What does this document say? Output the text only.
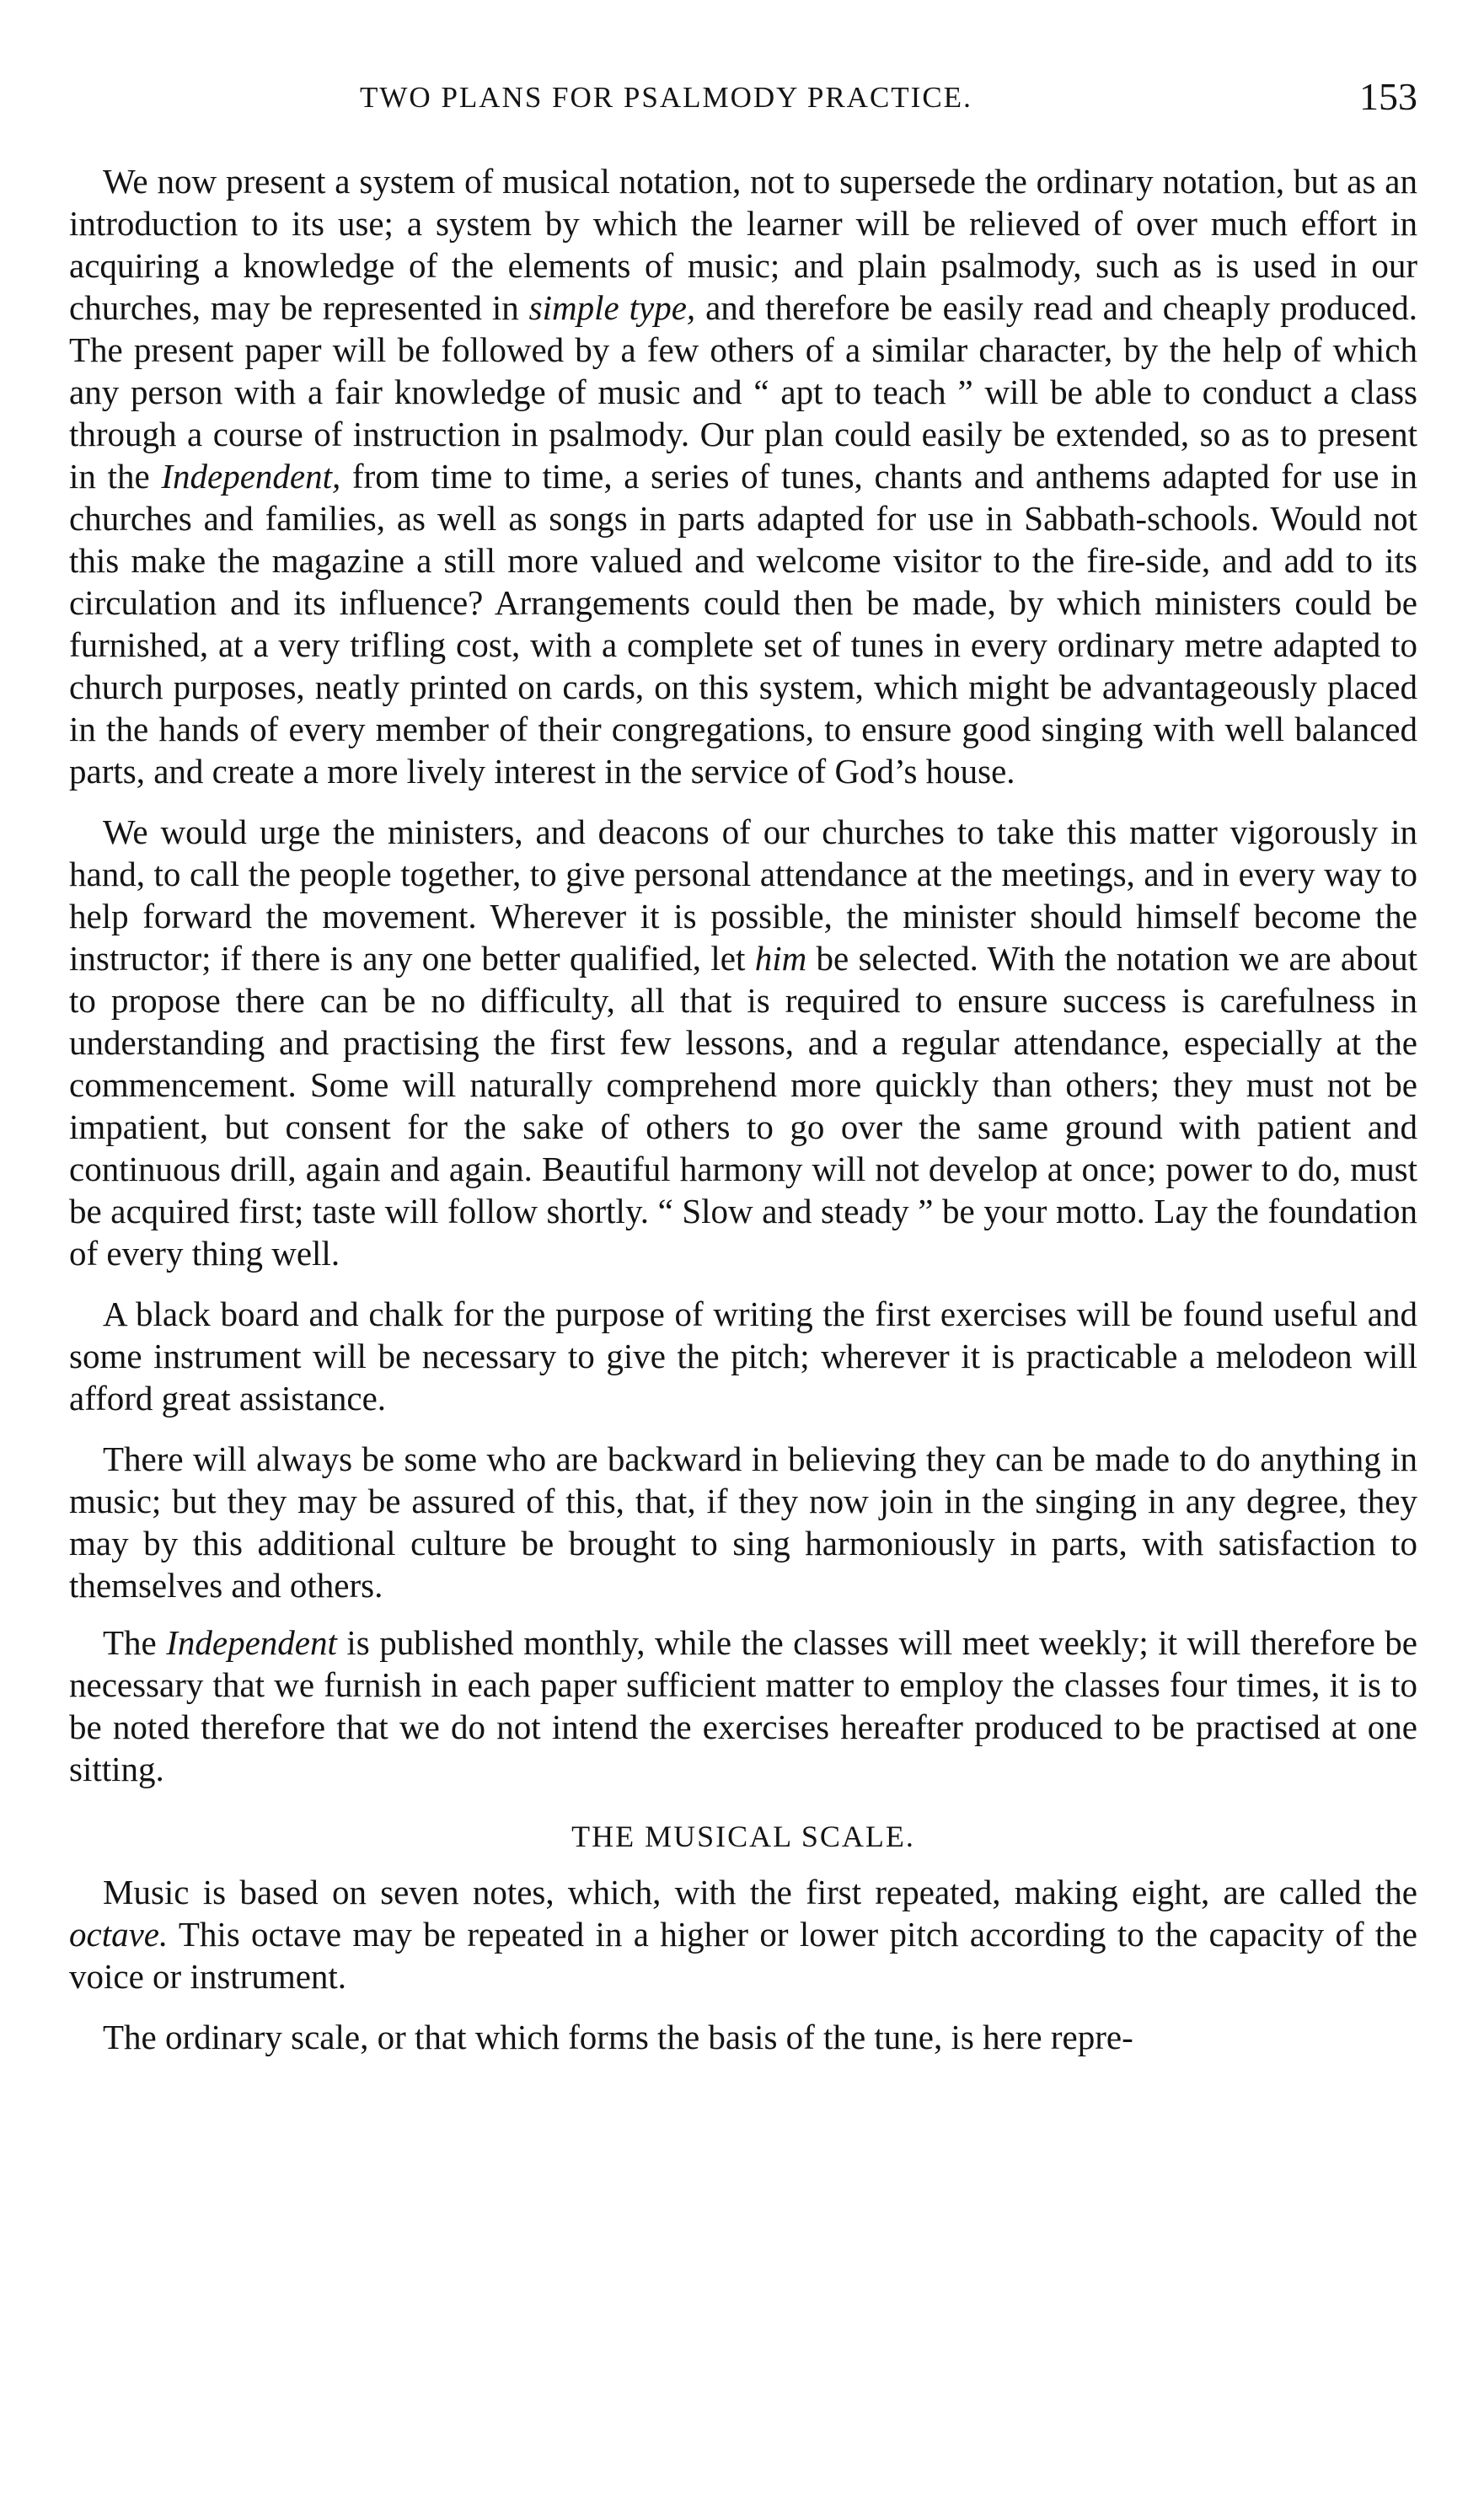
TWO PLANS FOR PSALMODY PRACTICE.	153

We now present a system of musical notation, not to supersede the ordinary notation, but as an introduction to its use; a system by which the learner will be relieved of over much effort in acquiring a knowledge of the elements of music; and plain psalmody, such as is used in our churches, may be represented in simple type, and therefore be easily read and cheaply produced. The present paper will be followed by a few others of a similar character, by the help of which any person with a fair knowledge of music and “ apt to teach ” will be able to conduct a class through a course of instruction in psalmody. Our plan could easily be extended, so as to present in the Independent, from time to time, a series of tunes, chants and anthems adapted for use in churches and families, as well as songs in parts adapted for use in Sabbath-schools. Would not this make the magazine a still more valued and welcome visitor to the fire-side, and add to its circulation and its influence? Arrangements could then be made, by which ministers could be furnished, at a very trifling cost, with a complete set of tunes in every ordinary metre adapted to church purposes, neatly printed on cards, on this system, which might be advantageously placed in the hands of every member of their congregations, to ensure good singing with well balanced parts, and create a more lively interest in the service of God’s house.

We would urge the ministers, and deacons of our churches to take this matter vigorously in hand, to call the people together, to give personal attendance at the meetings, and in every way to help forward the movement. Wherever it is possible, the minister should himself become the instructor; if there is any one better qualified, let him be selected. With the notation we are about to propose there can be no difficulty, all that is required to ensure success is carefulness in understanding and practising the first few lessons, and a regular attendance, especially at the commencement. Some will naturally comprehend more quickly than others; they must not be impatient, but consent for the sake of others to go over the same ground with patient and continuous drill, again and again. Beautiful harmony will not develop at once; power to do, must be acquired first; taste will follow shortly. “ Slow and steady ” be your motto. Lay the foundation of every thing well.

A black board and chalk for the purpose of writing the first exercises will be found useful and some instrument will be necessary to give the pitch; wherever it is practicable a melodeon will afford great assistance.

There will always be some who are backward in believing they can be made to do anything in music; but they may be assured of this, that, if they now join in the singing in any degree, they may by this additional culture be brought to sing harmoniously in parts, with satisfaction to themselves and others.

The Independent is published monthly, while the classes will meet weekly; it will therefore be necessary that we furnish in each paper sufficient matter to employ the classes four times, it is to be noted therefore that we do not intend the exercises hereafter produced to be practised at one sitting.

THE MUSICAL SCALE.

Music is based on seven notes, which, with the first repeated, making eight, are called the octave. This octave may be repeated in a higher or lower pitch according to the capacity of the voice or instrument.

The ordinary scale, or that which forms the basis of the tune, is here repre-
